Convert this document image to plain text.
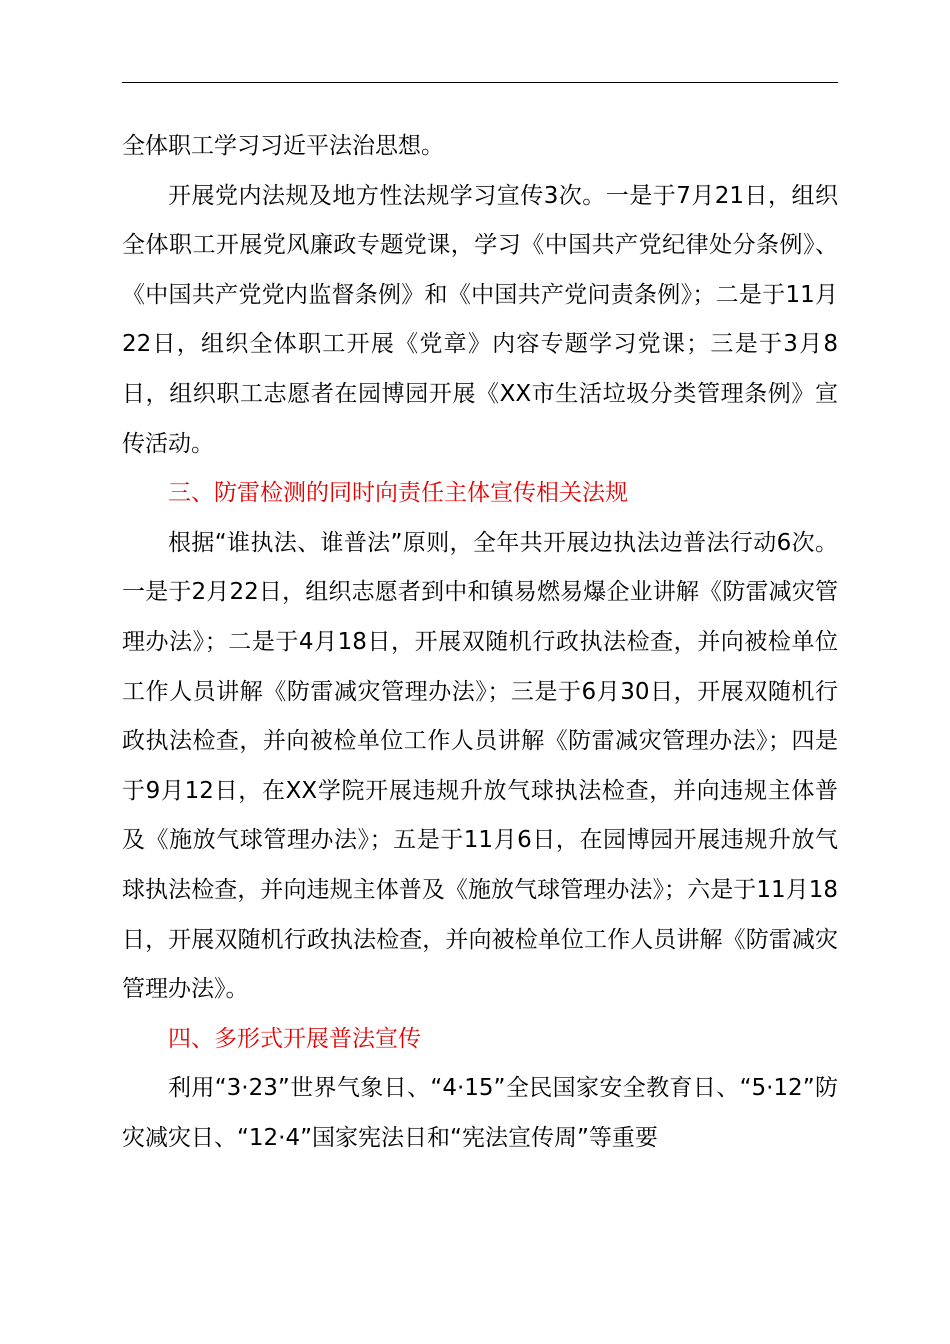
全体职工学习习近平法治思想。

开展党内法规及地方性法规学习宣传3次。一是于7月21日，组织全体职工开展党风廉政专题党课，学习《中国共产党纪律处分条例》、《中国共产党党内监督条例》和《中国共产党问责条例》；二是于11月22日，组织全体职工开展《党章》内容专题学习党课；三是于3月8日，组织职工志愿者在园博园开展《XX市生活垃圾分类管理条例》宣传活动。

三、防雷检测的同时向责任主体宣传相关法规

根据“谁执法、谁普法”原则，全年共开展边执法边普法行动6次。一是于2月22日，组织志愿者到中和镇易燃易爆企业讲解《防雷减灾管理办法》；二是于4月18日，开展双随机行政执法检查，并向被检单位工作人员讲解《防雷减灾管理办法》；三是于6月30日，开展双随机行政执法检查，并向被检单位工作人员讲解《防雷减灾管理办法》；四是于9月12日，在XX学院开展违规升放气球执法检查，并向违规主体普及《施放气球管理办法》；五是于11月6日，在园博园开展违规升放气球执法检查，并向违规主体普及《施放气球管理办法》；六是于11月18日，开展双随机行政执法检查，并向被检单位工作人员讲解《防雷减灾管理办法》。

四、多形式开展普法宣传

利用“3·23”世界气象日、“4·15”全民国家安全教育日、“5·12”防灾减灾日、“12·4”国家宪法日和“宪法宣传周”等重要
